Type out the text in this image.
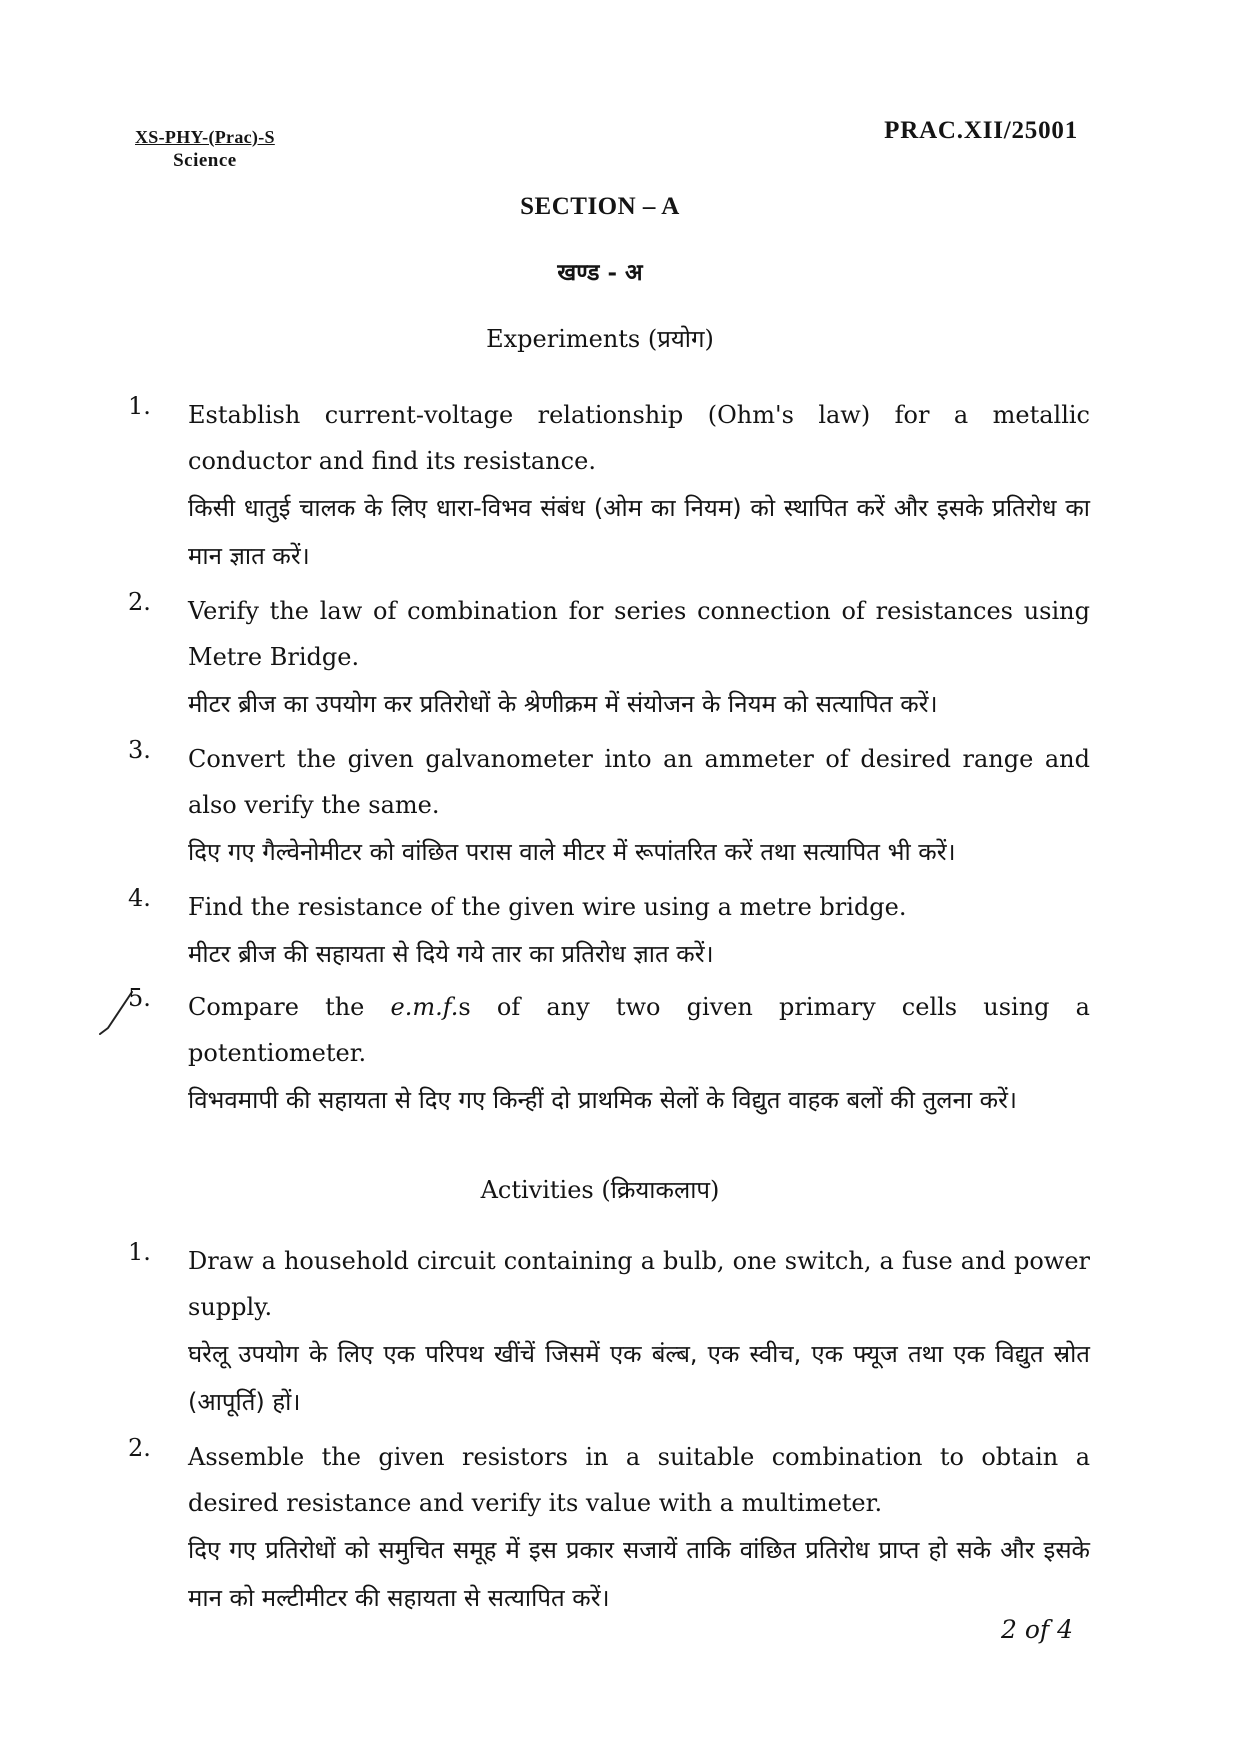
XS-PHY-(Prac)-S
Science
PRAC.XII/25001
SECTION – A
खण्ड - अ
Experiments (प्रयोग)
1. Establish current-voltage relationship (Ohm's law) for a metallic conductor and find its resistance.

किसी धातुई चालक के लिए धारा-विभव संबंध (ओम का नियम) को स्थापित करें और इसके प्रतिरोध का मान ज्ञात करें।

2. Verify the law of combination for series connection of resistances using Metre Bridge.

मीटर ब्रीज का उपयोग कर प्रतिरोधों के श्रेणीक्रम में संयोजन के नियम को सत्यापित करें।

3. Convert the given galvanometer into an ammeter of desired range and also verify the same.

दिए गए गैल्वेनोमीटर को वांछित परास वाले मीटर में रूपांतरित करें तथा सत्यापित भी करें।

4. Find the resistance of the given wire using a metre bridge.

मीटर ब्रीज की सहायता से दिये गये तार का प्रतिरोध ज्ञात करें।

5. Compare the e.m.f.s of any two given primary cells using a potentiometer.

विभवमापी की सहायता से दिए गए किन्हीं दो प्राथमिक सेलों के विद्युत वाहक बलों की तुलना करें।

Activities (क्रियाकलाप)
1. Draw a household circuit containing a bulb, one switch, a fuse and power supply.

घरेलू उपयोग के लिए एक परिपथ खींचें जिसमें एक बंल्ब, एक स्वीच, एक फ्यूज तथा एक विद्युत स्रोत (आपूर्ति) हों।

2. Assemble the given resistors in a suitable combination to obtain a desired resistance and verify its value with a multimeter.

दिए गए प्रतिरोधों को समुचित समूह में इस प्रकार सजायें ताकि वांछित प्रतिरोध प्राप्त हो सके और इसके मान को मल्टीमीटर की सहायता से सत्यापित करें।

2 of 4
